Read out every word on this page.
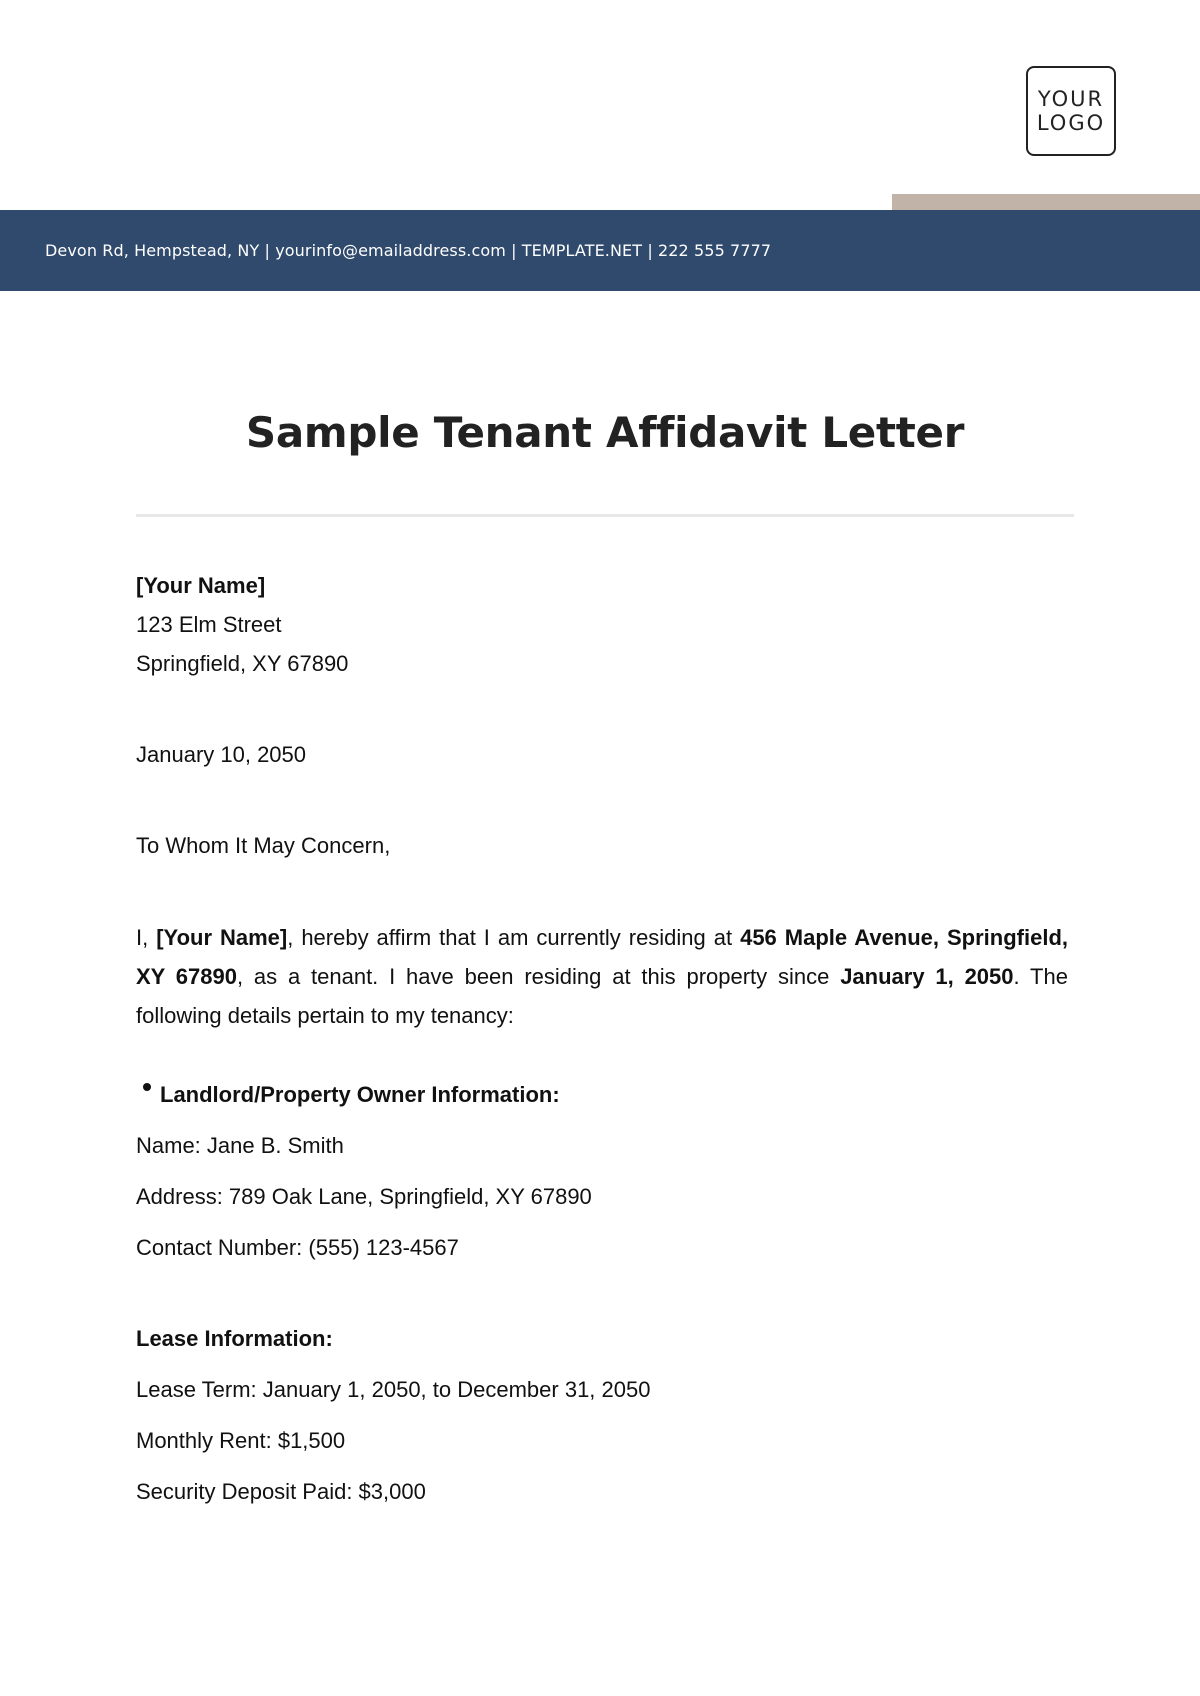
YOUR
LOGO
Devon Rd, Hempstead, NY | yourinfo@emailaddress.com | TEMPLATE.NET | 222 555 7777
Sample Tenant Affidavit Letter
[Your Name]
123 Elm Street
Springfield, XY 67890
January 10, 2050
To Whom It May Concern,
I, [Your Name], hereby affirm that I am currently residing at 456 Maple Avenue, Springfield, XY 67890, as a tenant. I have been residing at this property since January 1, 2050. The following details pertain to my tenancy:
Landlord/Property Owner Information:
Name: Jane B. Smith
Address: 789 Oak Lane, Springfield, XY 67890
Contact Number: (555) 123-4567
Lease Information:
Lease Term: January 1, 2050, to December 31, 2050
Monthly Rent: $1,500
Security Deposit Paid: $3,000
